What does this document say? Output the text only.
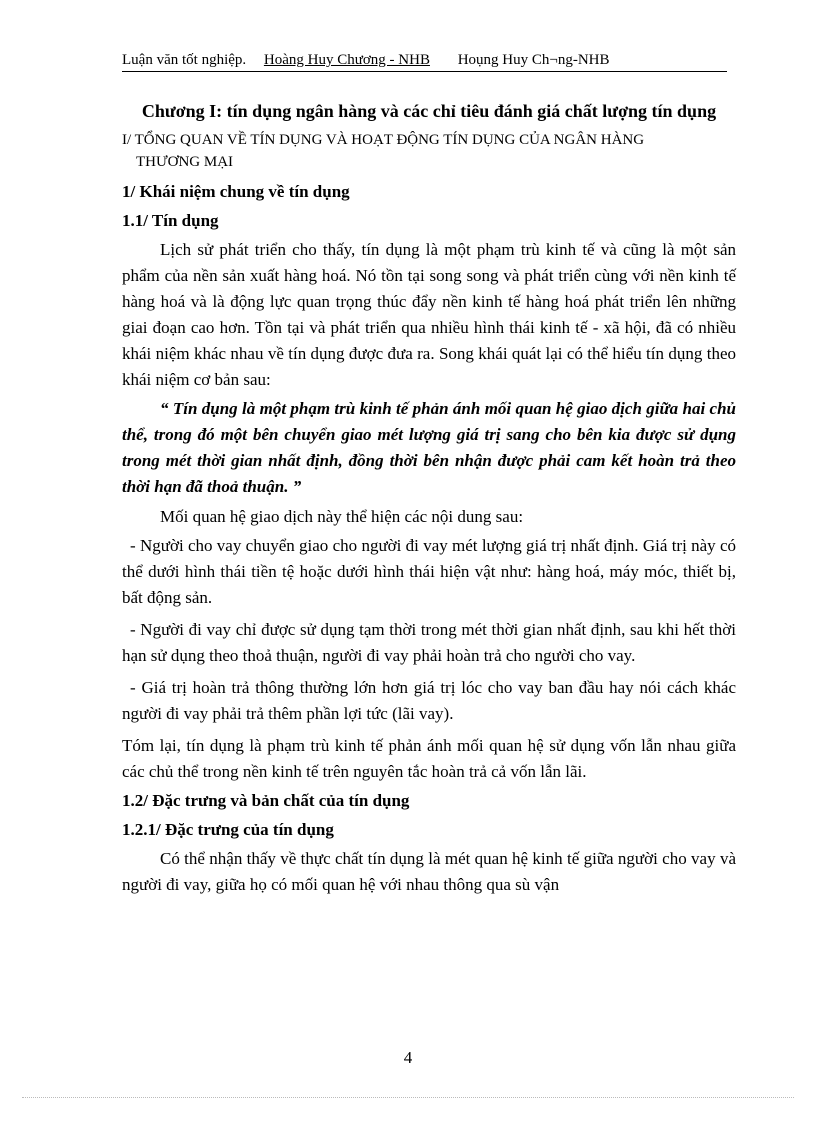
Luận văn tốt nghiệp. Hoàng Huy Chương - NHB Hoụng Huy Ch¬ng-NHB
Chương I: tín dụng ngân hàng và các chỉ tiêu đánh giá chất lượng tín dụng
I/ TỔNG QUAN VỀ TÍN DỤNG VÀ HOẠT ĐỘNG TÍN DỤNG CỦA NGÂN HÀNG
THƯƠNG MẠI
1/ Khái niệm chung về tín dụng
1.1/ Tín dụng

Lịch sử phát triển cho thấy, tín dụng là một phạm trù kinh tế và cũng là một sản phẩm của nền sản xuất hàng hoá. Nó tồn tại song song và phát triển cùng với nền kinh tế hàng hoá và là động lực quan trọng thúc đẩy nền kinh tế hàng hoá phát triển lên những giai đoạn cao hơn. Tồn tại và phát triển qua nhiều hình thái kinh tế - xã hội, đã có nhiều khái niệm khác nhau về tín dụng được đưa ra. Song khái quát lại có thể hiểu tín dụng theo khái niệm cơ bản sau:

“ Tín dụng là một phạm trù kinh tế phản ánh mối quan hệ giao dịch giữa hai chủ thể, trong đó một bên chuyển giao mét lượng giá trị sang cho bên kia được sử dụng trong mét thời gian nhất định, đồng thời bên nhận được phải cam kết hoàn trả theo thời hạn đã thoả thuận. ”

Mối quan hệ giao dịch này thể hiện các nội dung sau:

- Người cho vay chuyển giao cho người đi vay mét lượng giá trị nhất định. Giá trị này có thể dưới hình thái tiền tệ hoặc dưới hình thái hiện vật như: hàng hoá, máy móc, thiết bị, bất động sản.

- Người đi vay chỉ được sử dụng tạm thời trong mét thời gian nhất định, sau khi hết thời hạn sử dụng theo thoả thuận, người đi vay phải hoàn trả cho người cho vay.

- Giá trị hoàn trả thông thường lớn hơn giá trị lóc cho vay ban đầu hay nói cách khác người đi vay phải trả thêm phần lợi tức (lãi vay).

Tóm lại, tín dụng là phạm trù kinh tế phản ánh mối quan hệ sử dụng vốn lẫn nhau giữa các chủ thể trong nền kinh tế trên nguyên tắc hoàn trả cả vốn lẫn lãi.

1.2/ Đặc trưng và bản chất của tín dụng
1.2.1/ Đặc trưng của tín dụng

Có thể nhận thấy về thực chất tín dụng là mét quan hệ kinh tế giữa người cho vay và người đi vay, giữa họ có mối quan hệ với nhau thông qua sù vận

4
